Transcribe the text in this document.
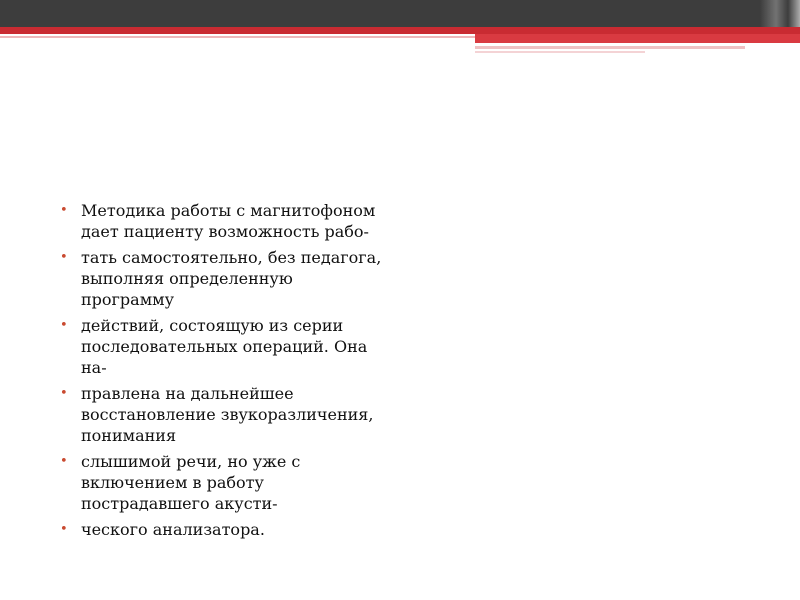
• Методика работы с магнитофоном дает пациенту возможность рабо-
• тать самостоятельно, без педагога, выполняя определенную программу
• действий, состоящую из серии последовательных операций. Она на-
• правлена на дальнейшее восстановление звукоразличения, понимания
• слышимой речи, но уже с включением в работу пострадавшего акусти-
• ческого анализатора.
